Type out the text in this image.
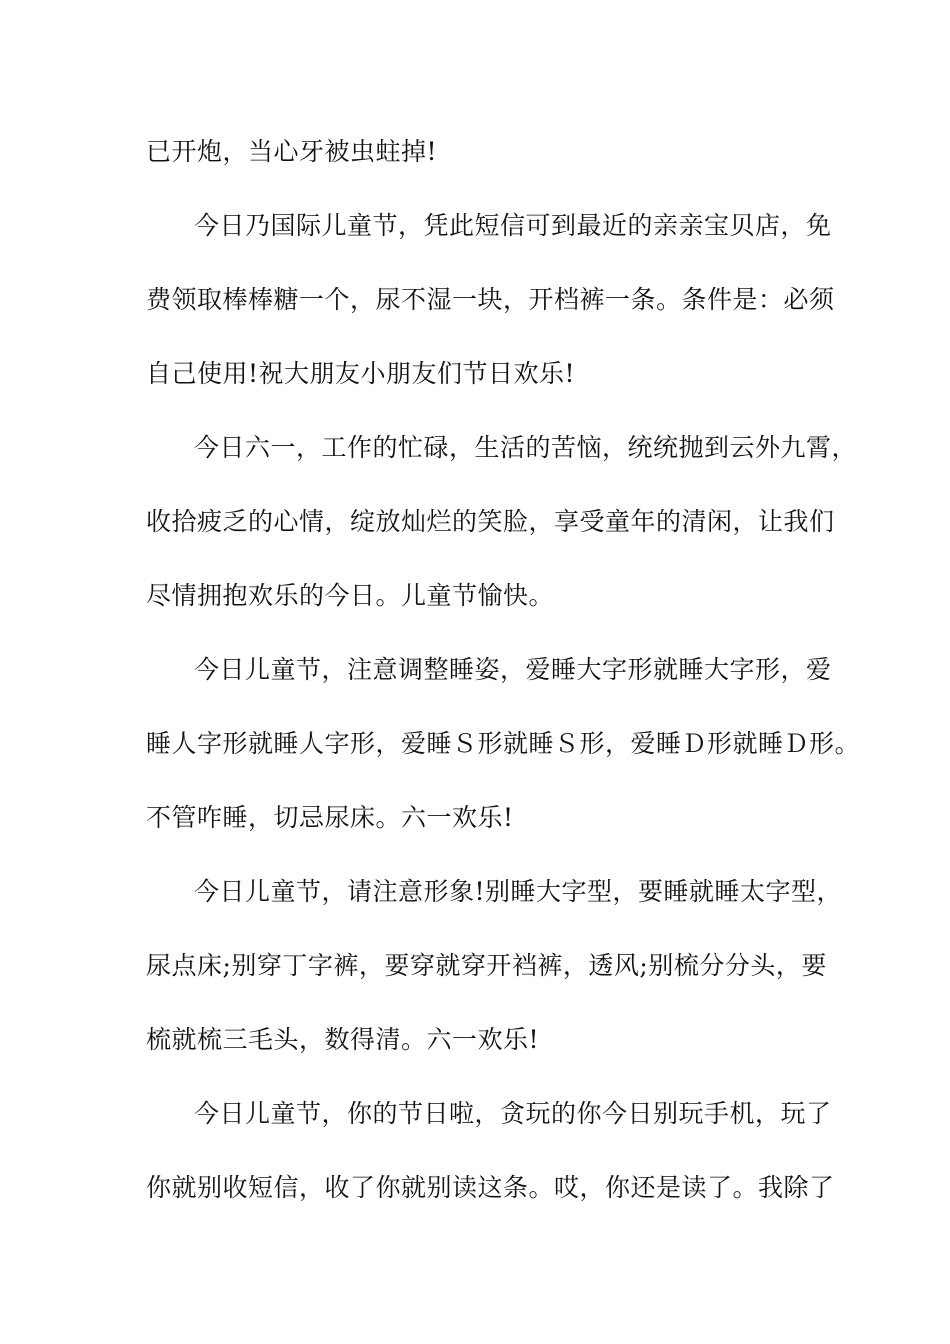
已开炮，当心牙被虫蛀掉!
今日乃国际儿童节，凭此短信可到最近的亲亲宝贝店，免
费领取棒棒糖一个，尿不湿一块，开档裤一条。条件是：必须
自己使用!祝大朋友小朋友们节日欢乐!
今日六一，工作的忙碌，生活的苦恼，统统抛到云外九霄，
收拾疲乏的心情，绽放灿烂的笑脸，享受童年的清闲，让我们
尽情拥抱欢乐的今日。儿童节愉快。
今日儿童节，注意调整睡姿，爱睡大字形就睡大字形，爱
睡人字形就睡人字形，爱睡Ｓ形就睡Ｓ形，爱睡Ｄ形就睡Ｄ形。
不管咋睡，切忌尿床。六一欢乐!
今日儿童节，请注意形象!别睡大字型，要睡就睡太字型，
尿点床;别穿丁字裤，要穿就穿开裆裤，透风;别梳分分头，要
梳就梳三毛头，数得清。六一欢乐!
今日儿童节，你的节日啦，贪玩的你今日别玩手机，玩了
你就别收短信，收了你就别读这条。哎，你还是读了。我除了
